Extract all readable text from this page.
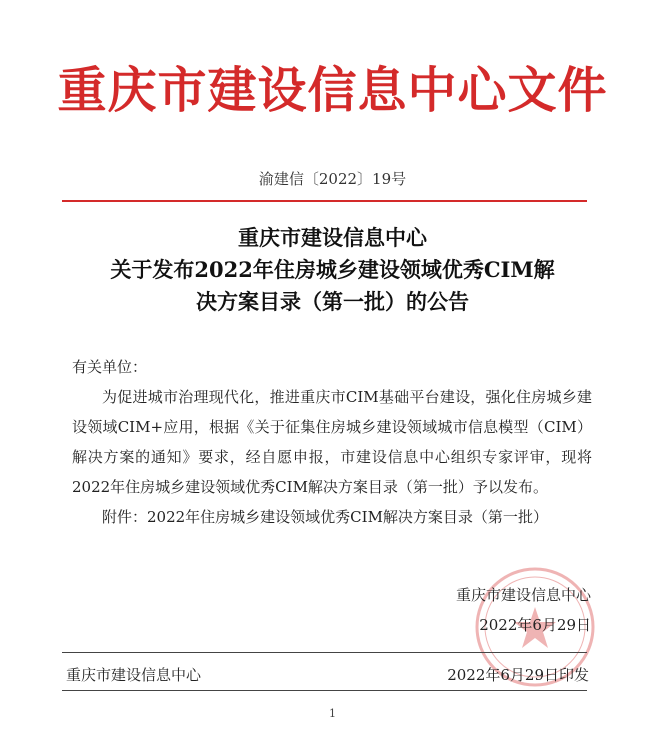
重庆市建设信息中心文件
渝建信〔2022〕19号
重庆市建设信息中心
关于发布2022年住房城乡建设领域优秀CIM解
决方案目录（第一批）的公告
有关单位：
为促进城市治理现代化，推进重庆市CIM基础平台建设，强化住房城乡建设领域CIM+应用，根据《关于征集住房城乡建设领域城市信息模型（CIM）解决方案的通知》要求，经自愿申报，市建设信息中心组织专家评审，现将2022年住房城乡建设领域优秀CIM解决方案目录（第一批）予以发布。
附件：2022年住房城乡建设领域优秀CIM解决方案目录（第一批）
重庆市建设信息中心
2022年6月29日
重庆市建设信息中心	2022年6月29日印发
1
